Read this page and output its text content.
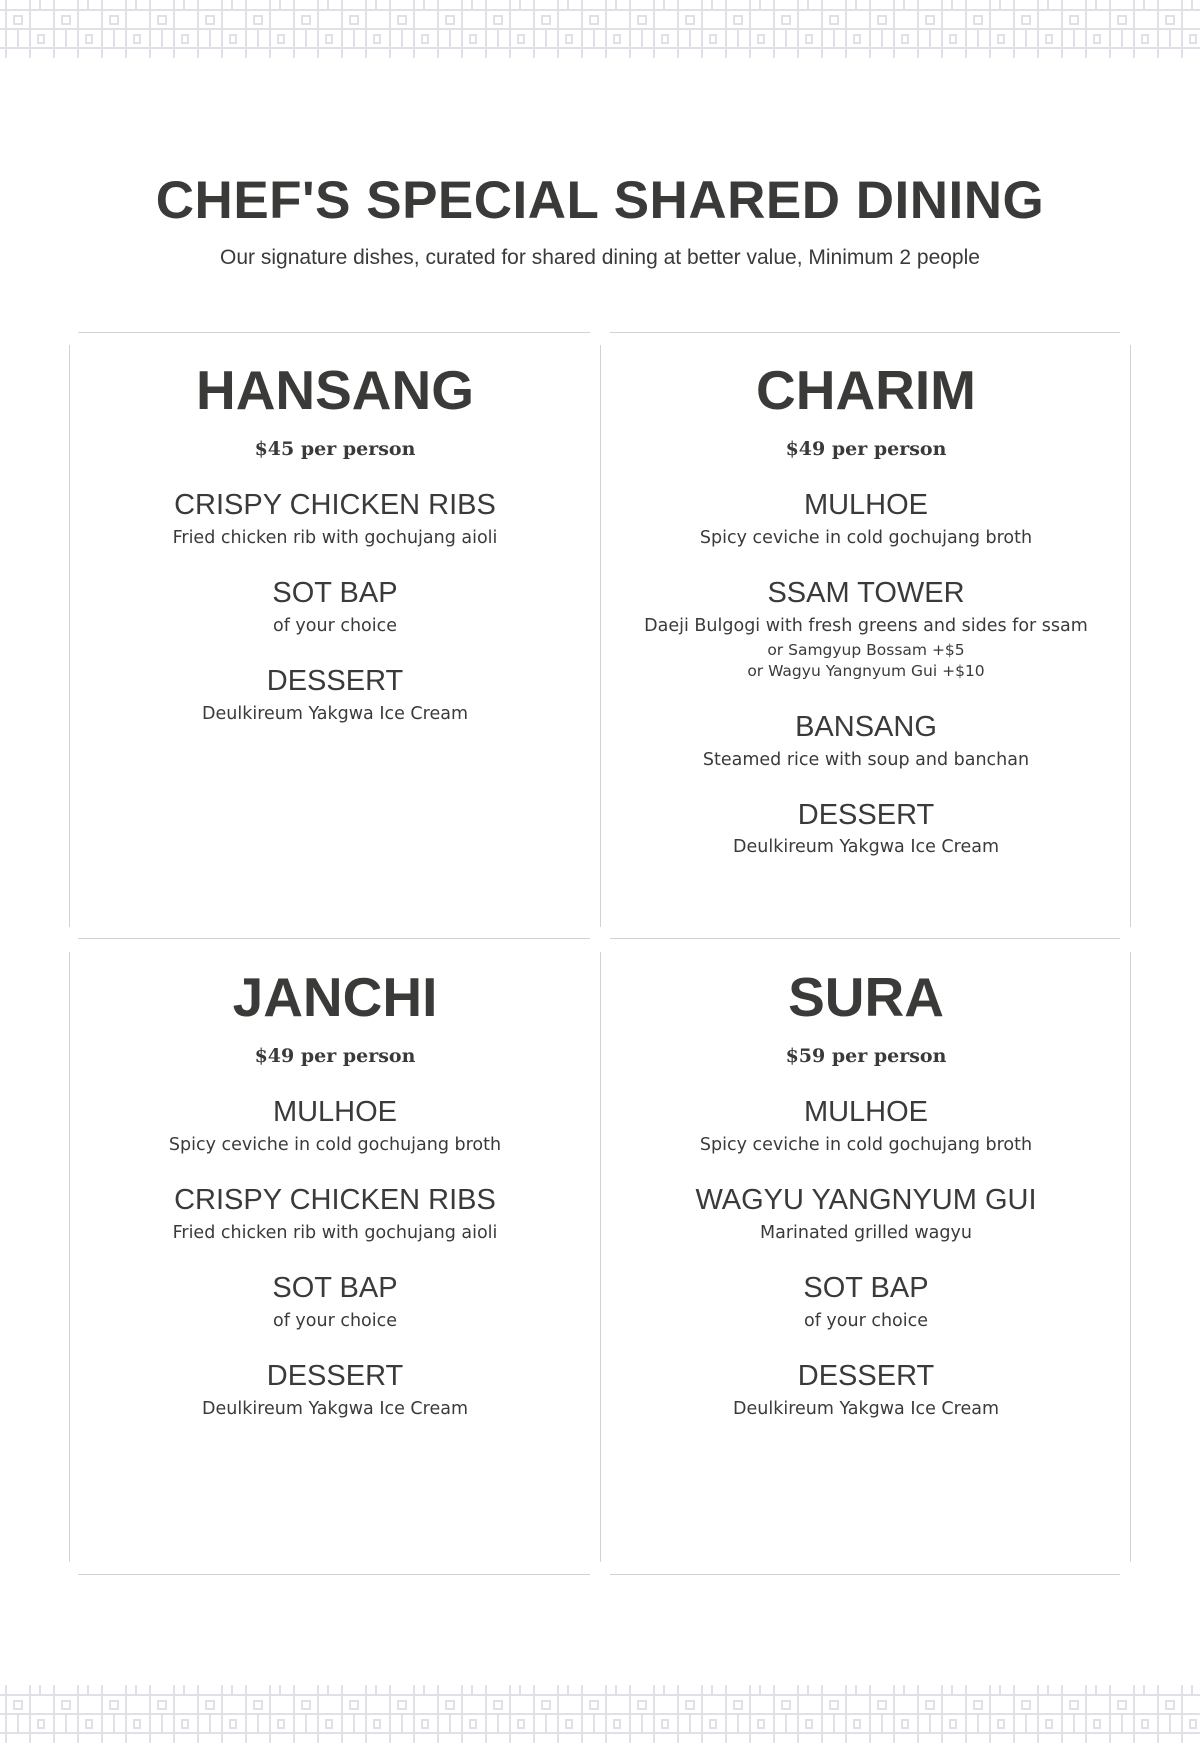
CHEF'S SPECIAL SHARED DINING
Our signature dishes, curated for shared dining at better value, Minimum 2 people
HANSANG
$45 per person
CRISPY CHICKEN RIBS
Fried chicken rib with gochujang aioli
SOT BAP
of your choice
DESSERT
Deulkireum Yakgwa Ice Cream
CHARIM
$49 per person
MULHOE
Spicy ceviche in cold gochujang broth
SSAM TOWER
Daeji Bulgogi with fresh greens and sides for ssam
or Samgyup Bossam +$5
or Wagyu Yangnyum Gui +$10
BANSANG
Steamed rice with soup and banchan
DESSERT
Deulkireum Yakgwa Ice Cream
JANCHI
$49 per person
MULHOE
Spicy ceviche in cold gochujang broth
CRISPY CHICKEN RIBS
Fried chicken rib with gochujang aioli
SOT BAP
of your choice
DESSERT
Deulkireum Yakgwa Ice Cream
SURA
$59 per person
MULHOE
Spicy ceviche in cold gochujang broth
WAGYU YANGNYUM GUI
Marinated grilled wagyu
SOT BAP
of your choice
DESSERT
Deulkireum Yakgwa Ice Cream
